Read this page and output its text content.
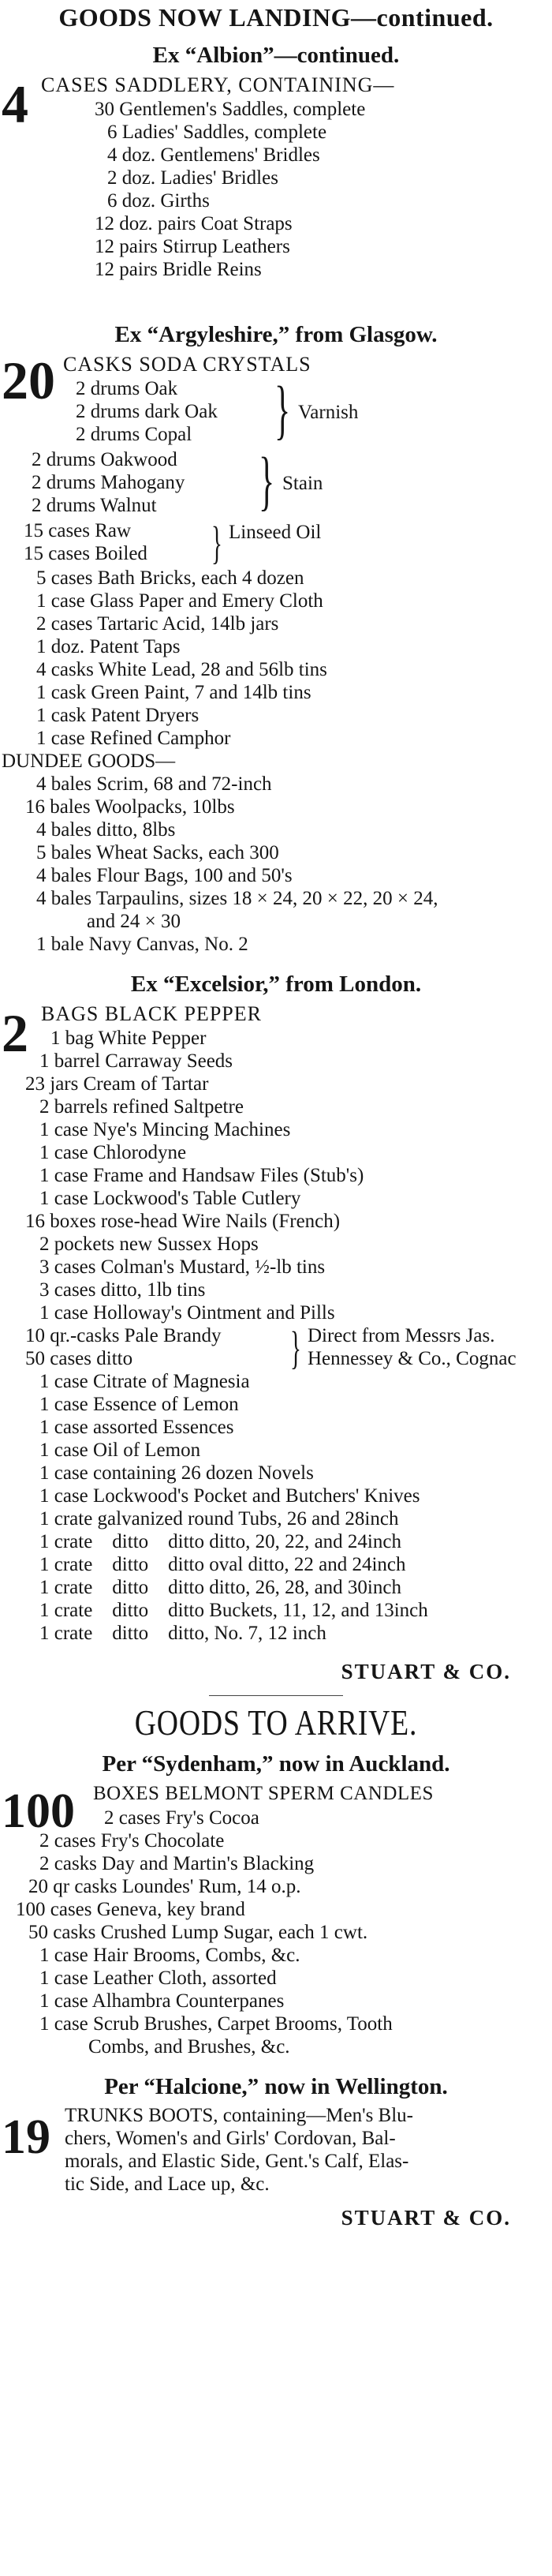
GOODS NOW LANDING—continued.
Ex “Albion”—continued.
4 CASES SADDLERY, CONTAINING—
30 Gentlemen's Saddles, complete
6 Ladies' Saddles, complete
4 doz. Gentlemens' Bridles
2 doz. Ladies' Bridles
6 doz. Girths
12 doz. pairs Coat Straps
12 pairs Stirrup Leathers
12 pairs Bridle Reins
Ex “Argyleshire,” from Glasgow.
20 CASKS SODA CRYSTALS
2 drums Oak
2 drums dark Oak
2 drums Copal	} Varnish
2 drums Oakwood
2 drums Mahogany
2 drums Walnut	} Stain
15 cases Raw
15 cases Boiled	} Linseed Oil
5 cases Bath Bricks, each 4 dozen
1 case Glass Paper and Emery Cloth
2 cases Tartaric Acid, 14lb jars
1 doz. Patent Taps
4 casks White Lead, 28 and 56lb tins
1 cask Green Paint, 7 and 14lb tins
1 cask Patent Dryers
1 case Refined Camphor
DUNDEE GOODS—
4 bales Scrim, 68 and 72-inch
16 bales Woolpacks, 10lbs
4 bales ditto, 8lbs
5 bales Wheat Sacks, each 300
4 bales Flour Bags, 100 and 50's
4 bales Tarpaulins, sizes 18 × 24, 20 × 22, 20 × 24,
and 24 × 30
1 bale Navy Canvas, No. 2
Ex “Excelsior,” from London.
2 BAGS BLACK PEPPER
1 bag White Pepper
1 barrel Carraway Seeds
23 jars Cream of Tartar
2 barrels refined Saltpetre
1 case Nye's Mincing Machines
1 case Chlorodyne
1 case Frame and Handsaw Files (Stub's)
1 case Lockwood's Table Cutlery
16 boxes rose-head Wire Nails (French)
2 pockets new Sussex Hops
3 cases Colman's Mustard, ½-lb tins
3 cases ditto, 1lb tins
1 case Holloway's Ointment and Pills
10 qr.-casks Pale Brandy
50 cases ditto	} Direct from Messrs Jas.
Hennessey & Co., Cognac
1 case Citrate of Magnesia
1 case Essence of Lemon
1 case assorted Essences
1 case Oil of Lemon
1 case containing 26 dozen Novels
1 case Lockwood's Pocket and Butchers' Knives
1 crate galvanized round Tubs, 26 and 28inch
1 crate    ditto    ditto ditto, 20, 22, and 24inch
1 crate    ditto    ditto oval ditto, 22 and 24inch
1 crate    ditto    ditto ditto, 26, 28, and 30inch
1 crate    ditto    ditto Buckets, 11, 12, and 13inch
1 crate    ditto    ditto, No. 7, 12 inch
STUART & CO.
GOODS TO ARRIVE.
Per “Sydenham,” now in Auckland.
100 BOXES BELMONT SPERM CANDLES
2 cases Fry's Cocoa
2 cases Fry's Chocolate
2 casks Day and Martin's Blacking
20 qr casks Loundes' Rum, 14 o.p.
100 cases Geneva, key brand
50 casks Crushed Lump Sugar, each 1 cwt.
1 case Hair Brooms, Combs, &c.
1 case Leather Cloth, assorted
1 case Alhambra Counterpanes
1 case Scrub Brushes, Carpet Brooms, Tooth
Combs, and Brushes, &c.
Per “Halcione,” now in Wellington.
19 TRUNKS BOOTS, containing—Men's Blu-
chers, Women's and Girls' Cordovan, Bal-
morals, and Elastic Side, Gent.'s Calf, Elas-
tic Side, and Lace up, &c.
STUART & CO.
